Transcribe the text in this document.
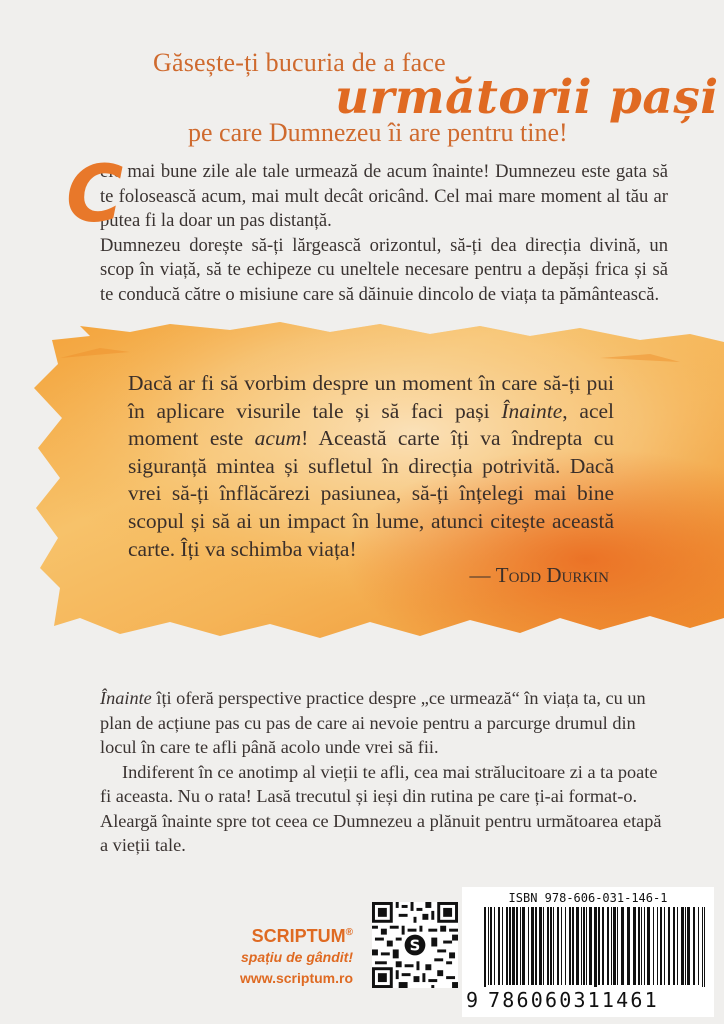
Găsește-ți bucuria de a face
următorii pași
pe care Dumnezeu îi are pentru tine!
C

ele mai bune zile ale tale urmează de acum înainte! Dumnezeu este gata să te folosească acum, mai mult decât oricând. Cel mai mare moment al tău ar putea fi la doar un pas distanță.

Dumnezeu dorește să-ți lărgească orizontul, să-ți dea direcția divină, un scop în viață, să te echipeze cu uneltele necesare pentru a depăși frica și să te conducă către o misiune care să dăinuie dincolo de viața ta pământească.

Dacă ar fi să vorbim despre un moment în care să-ți pui în aplicare visurile tale și să faci pași Înainte, acel moment este acum! Această carte îți va îndrepta cu siguranță mintea și sufletul în direcția potrivită. Dacă vrei să-ți înflăcărezi pasiunea, să-ți înțelegi mai bine scopul și să ai un impact în lume, atunci citește această carte. Îți va schimba viața!

— Todd Durkin

Înainte îți oferă perspective practice despre „ce urmează“ în viața ta, cu un plan de acțiune pas cu pas de care ai nevoie pentru a parcurge drumul din locul în care te afli până acolo unde vrei să fii.

Indiferent în ce anotimp al vieții te afli, cea mai strălucitoare zi a ta poate fi aceasta. Nu o rata! Lasă trecutul și ieși din rutina pe care ți-ai format-o. Aleargă înainte spre tot ceea ce Dumnezeu a plănuit pentru următoarea etapă a vieții tale.

SCRIPTUM®
spațiu de gândit!
www.scriptum.ro
S
ISBN 978-606-031-146-1
9 786060311461
